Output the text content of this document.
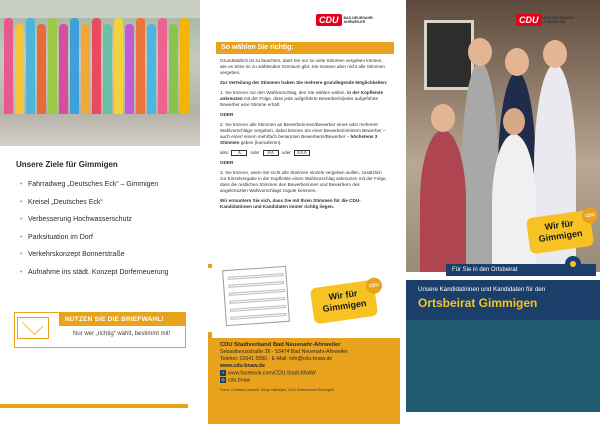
Unsere Ziele für Gimmigen
• Fahrradweg „Deutsches Eck“ – Gimmigen
• Kreisel „Deutsches Eck“
• Verbesserung Hochwasserschutz
• Parksituation im Dorf
• Verkehrskonzept Bonnerstraße
• Aufnahme ins städt. Konzept Dorferneuerung
NUTZEN SIE DIE BRIEFWAHL!
Nur wer „richtig“ wählt, bestimmt mit!
CDU	BAD NEUENAHR-AHRWEILER
So wählen Sie richtig:

Grundsätzlich ist zu beachten, dass Sie nur so viele Stimmen vergeben können, wie es Sitze im zu wählenden Gremium gibt. Sie müssen aber nicht alle Stimmen vergeben.

Zur Verteilung der Stimmen haben Sie mehrere grundlegende Möglichkeiten:

1. Sie können nur den Wahlvorschlag, den Sie wählen wollen, in der Kopfleiste ankreuzen mit der Folge, dass jede aufgeführte Bewerberin/jeder aufgeführte Bewerber eine Stimme erhält.

ODER

2. Sie können alle Stimmen an Bewerberinnen/Bewerber eines oder mehrerer Wahlvorschläge vergeben, dabei können Sie einer Bewerberin/einem Bewerber – auch einer/ einem mehrfach benannten Bewerberin/Bewerber – höchstens 3 Stimmen geben (kumulieren).

also	X	oder	XX	oder	XXX

ODER

3. Sie können, wenn Sie nicht alle Stimmen einzeln vergeben wollen, zusätzlich zur Einzelvergabe in der Kopfleiste einen Wahlvorschlag ankreuzen mit der Folge, dass die restlichen Stimmen den Bewerberinnen und Bewerbern des angekreuzten Wahlvorschlags zugute kommen.

Wir ermuntern Sie sich, dass Sie mit Ihren Stimmen für die CDU-Kandidatinnen und Kandidaten immer richtig liegen.

Wir für
Gimmigen
CDU
CDU Stadtverband Bad Neuenahr-Ahrweiler
Sebastianusstraße 36 · 53474 Bad Neuenahr-Ahrweiler
Telefon: 02641 5080 · E-Mail: info@cdu-bnaw.de
www.cdu-bnaw.de
f www.facebook.com/CDU.Stadt.BNAW
◎ cdu.bnaw
Fotos: Christian Lepanik, Sonja Habisiger, CDU Ortsverband Gimmigen
CDU	BAD NEUENAHR-AHRWEILER
Wir für
Gimmigen
CDU
Für Sie in den Ortsbeirat
Unsere Kandidatinnen und Kandidaten für den
Ortsbeirat Gimmigen
